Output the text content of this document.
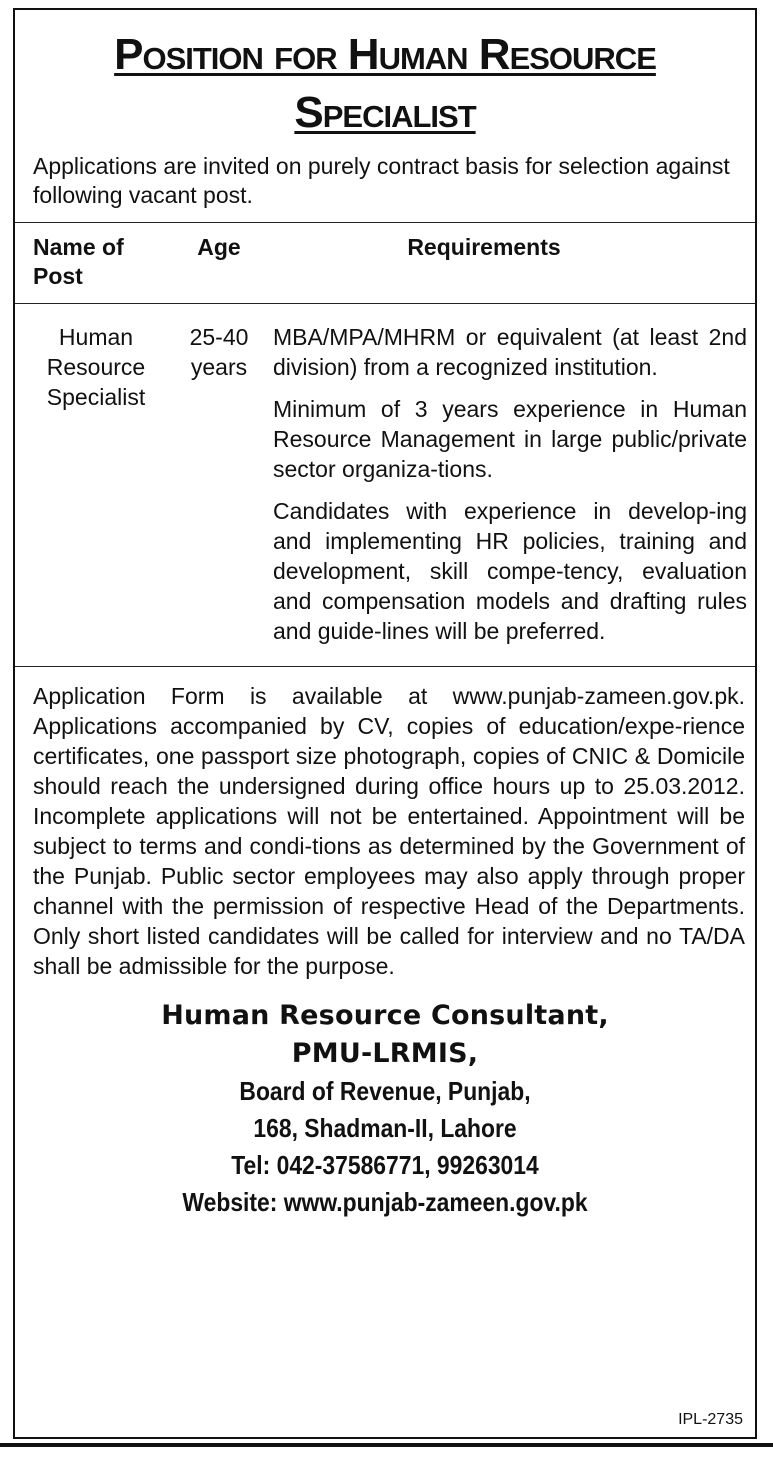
Position for Human Resource
Specialist

Applications are invited on purely contract basis for selection against following vacant post.

Name of Post
Age	Requirements
Human
Resource
Specialist
25-40
years

MBA/MPA/MHRM or equivalent (at least 2nd division) from a recognized institution.

Minimum of 3 years experience in Human Resource Management in large public/private sector organiza-tions.

Candidates with experience in develop-ing and implementing HR policies, training and development, skill compe-tency, evaluation and compensation models and drafting rules and guide-lines will be preferred.

Application Form is available at www.punjab-zameen.gov.pk. Applications accompanied by CV, copies of education/expe-rience certificates, one passport size photograph, copies of CNIC & Domicile should reach the undersigned during office hours up to 25.03.2012. Incomplete applications will not be entertained. Appointment will be subject to terms and condi-tions as determined by the Government of the Punjab. Public sector employees may also apply through proper channel with the permission of respective Head of the Departments. Only short listed candidates will be called for interview and no TA/DA shall be admissible for the purpose.

Human Resource Consultant,
PMU-LRMIS,
Board of Revenue, Punjab,
168, Shadman-II, Lahore
Tel: 042-37586771, 99263014
Website: www.punjab-zameen.gov.pk
IPL-2735
